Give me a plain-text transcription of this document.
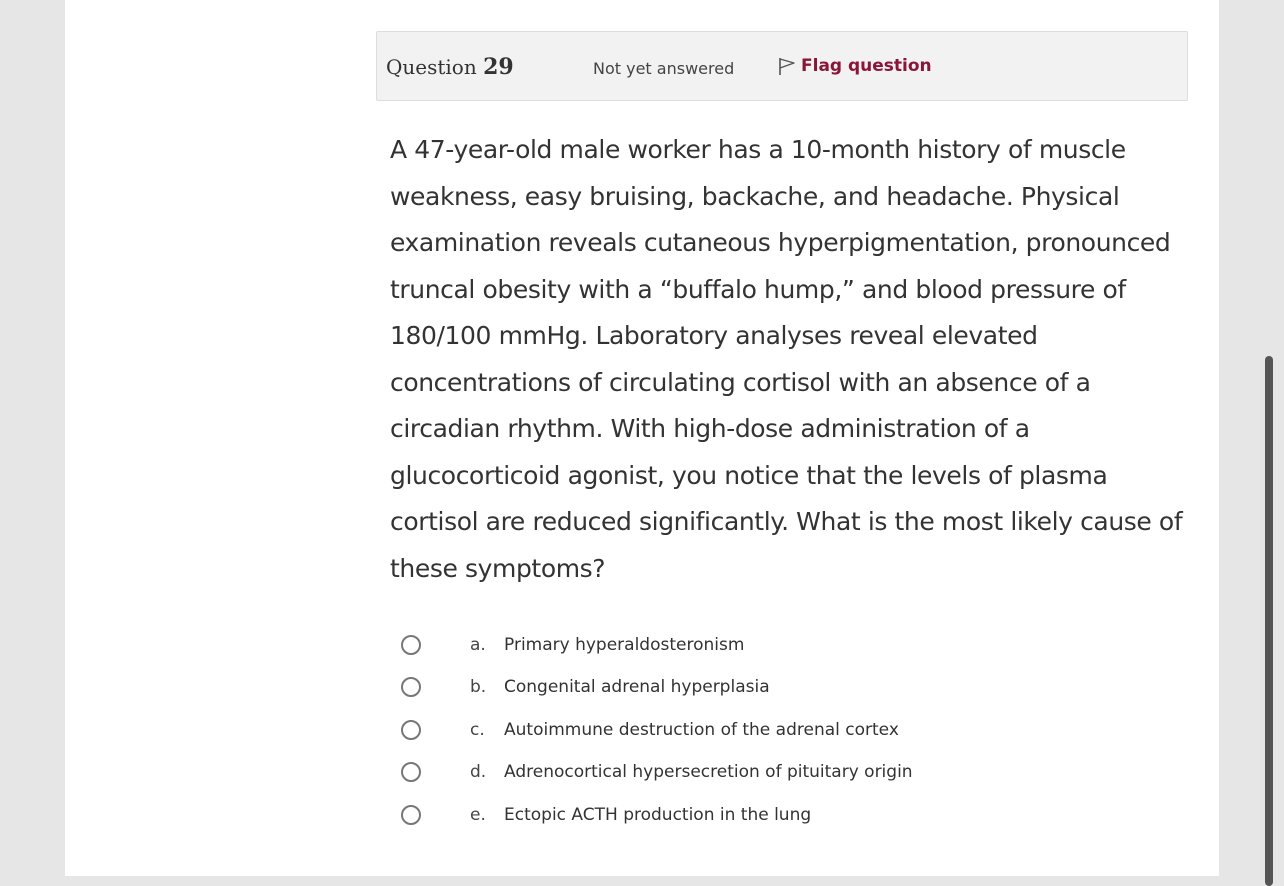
Question 29	Not yet answered	Flag question
A 47-year-old male worker has a 10-month history of muscle weakness, easy bruising, backache, and headache. Physical examination reveals cutaneous hyperpigmentation, pronounced truncal obesity with a “buffalo hump,” and blood pressure of 180/100 mmHg. Laboratory analyses reveal elevated concentrations of circulating cortisol with an absence of a circadian rhythm. With high-dose administration of a glucocorticoid agonist, you notice that the levels of plasma cortisol are reduced significantly. What is the most likely cause of these symptoms?
a. Primary hyperaldosteronism
b. Congenital adrenal hyperplasia
c. Autoimmune destruction of the adrenal cortex
d. Adrenocortical hypersecretion of pituitary origin
e. Ectopic ACTH production in the lung
